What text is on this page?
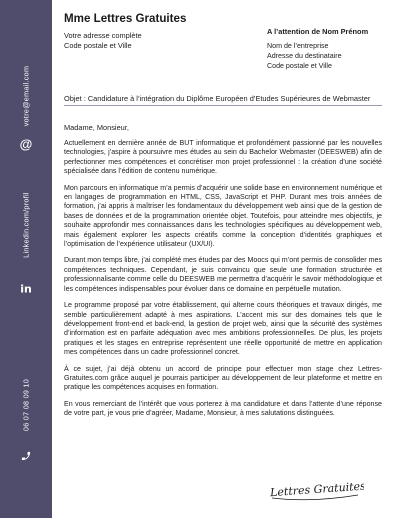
votre@email.com
@
Linkedin.com/profil
in
06 07 08 09 10
Mme Lettres Gratuites
Votre adresse complète
Code postale et Ville
A l’attention de Nom Prénom
Nom de l’entreprise
Adresse du destinataire
Code postale et Ville
Objet : Candidature à l’intégration du Diplôme Européen d’Etudes Supérieures de Webmaster

Madame, Monsieur,

Actuellement en dernière année de BUT informatique et profondément passionné par les nouvelles technologies, j’aspire à poursuivre mes études au sein du Bachelor Webmaster (DEESWEB) afin de perfectionner mes compétences et concrétiser mon projet professionnel : la création d’une société spécialisée dans l’édition de contenu numérique.

Mon parcours en informatique m’a permis d’acquérir une solide base en environnement numérique et en langages de programmation en HTML, CSS, JavaScript et PHP. Durant mes trois années de formation, j’ai appris à maîtriser les fondamentaux du développement web ainsi que de la gestion de bases de données et de la programmation orientée objet. Toutefois, pour atteindre mes objectifs, je souhaite approfondir mes connaissances dans les technologies spécifiques au développement web, mais également explorer les aspects créatifs comme la conception d’identités graphiques et l’optimisation de l’expérience utilisateur (UX/UI).

Durant mon temps libre, j’ai complété mes études par des Moocs qui m’ont permis de consolider mes compétences techniques. Cependant, je suis convaincu que seule une formation structurée et professionnalisante comme celle du DEESWEB me permettra d’acquérir le savoir méthodologique et les compétences indispensables pour évoluer dans ce domaine en perpétuelle mutation.

Le programme proposé par votre établissement, qui alterne cours théoriques et travaux dirigés, me semble particulièrement adapté à mes aspirations. L’accent mis sur des domaines tels que le développement front-end et back-end, la gestion de projet web, ainsi que la sécurité des systèmes d’information est en parfaite adéquation avec mes ambitions professionnelles. De plus, les projets pratiques et les stages en entreprise représentent une réelle opportunité de mettre en application mes compétences dans un cadre professionnel concret.

À ce sujet, j’ai déjà obtenu un accord de principe pour effectuer mon stage chez Lettres-Gratuites.com grâce auquel je pourrais participer au développement de leur plateforme et mettre en pratique les compétences acquises en formation.

En vous remerciant de l’intérêt que vous porterez à ma candidature et dans l’attente d’une réponse de votre part, je vous prie d’agréer, Madame, Monsieur, à mes salutations distinguées.

Lettres Gratuites.
